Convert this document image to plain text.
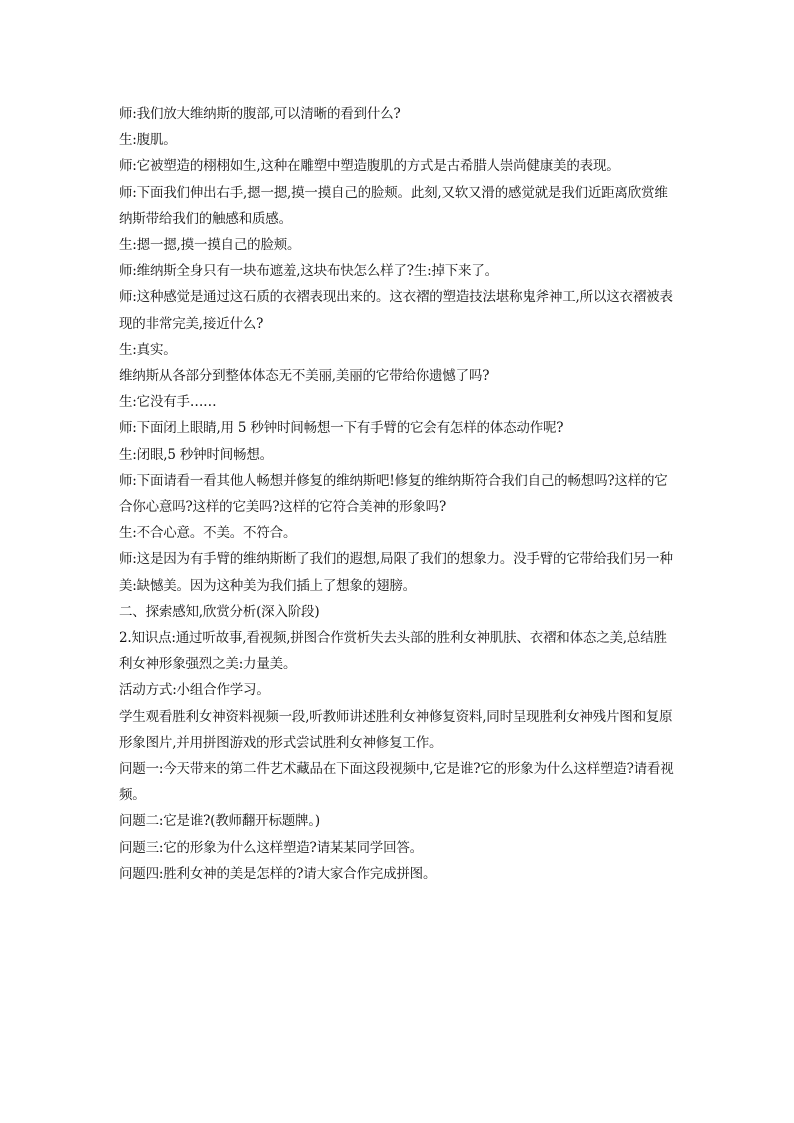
师:我们放大维纳斯的腹部,可以清晰的看到什么?

生:腹肌。

师:它被塑造的栩栩如生,这种在雕塑中塑造腹肌的方式是古希腊人崇尚健康美的表现。

师:下面我们伸出右手,摁一摁,摸一摸自己的脸颊。此刻,又软又滑的感觉就是我们近距离欣赏维纳斯带给我们的触感和质感。

生:摁一摁,摸一摸自己的脸颊。

师:维纳斯全身只有一块布遮羞,这块布快怎么样了?生:掉下来了。

师:这种感觉是通过这石质的衣褶表现出来的。这衣褶的塑造技法堪称鬼斧神工,所以这衣褶被表现的非常完美,接近什么?

生:真实。

维纳斯从各部分到整体体态无不美丽,美丽的它带给你遗憾了吗?

生:它没有手……

师:下面闭上眼睛,用 5 秒钟时间畅想一下有手臂的它会有怎样的体态动作呢?

生:闭眼,5 秒钟时间畅想。

师:下面请看一看其他人畅想并修复的维纳斯吧!修复的维纳斯符合我们自己的畅想吗?这样的它合你心意吗?这样的它美吗?这样的它符合美神的形象吗?

生:不合心意。不美。不符合。

师:这是因为有手臂的维纳斯断了我们的遐想,局限了我们的想象力。没手臂的它带给我们另一种美:缺憾美。因为这种美为我们插上了想象的翅膀。

二、探索感知,欣赏分析(深入阶段)

2.知识点:通过听故事,看视频,拼图合作赏析失去头部的胜利女神肌肤、衣褶和体态之美,总结胜利女神形象强烈之美:力量美。

活动方式:小组合作学习。

学生观看胜利女神资料视频一段,听教师讲述胜利女神修复资料,同时呈现胜利女神残片图和复原形象图片,并用拼图游戏的形式尝试胜利女神修复工作。

问题一:今天带来的第二件艺术藏品在下面这段视频中,它是谁?它的形象为什么这样塑造?请看视频。

问题二:它是谁?(教师翻开标题牌。)

问题三:它的形象为什么这样塑造?请某某同学回答。

问题四:胜利女神的美是怎样的?请大家合作完成拼图。
